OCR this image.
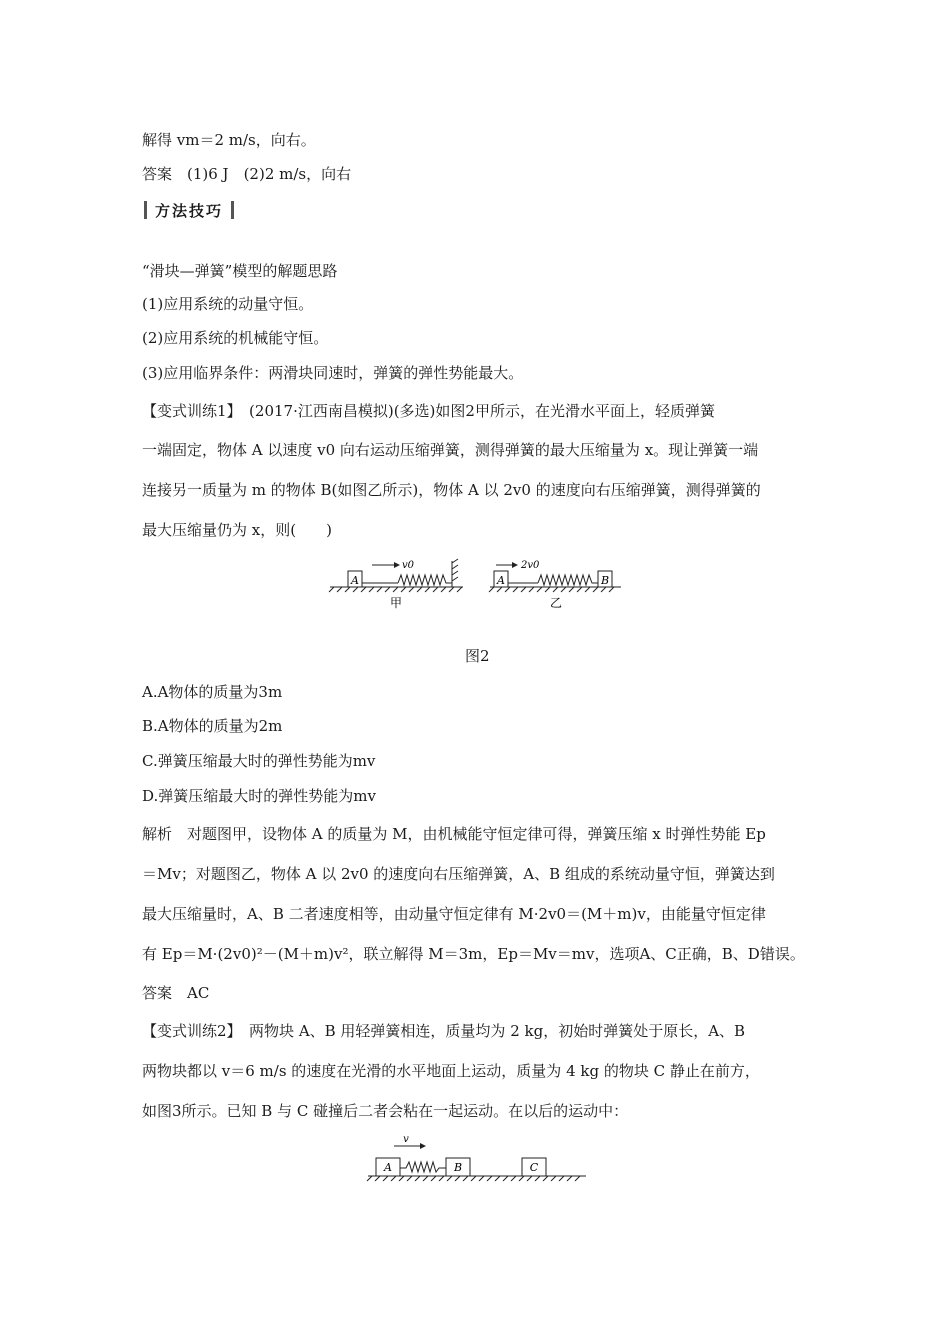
解得 vm＝2 m/s，向右。
答案　(1)6 J　(2)2 m/s，向右
方法技巧
“滑块—弹簧”模型的解题思路
(1)应用系统的动量守恒。
(2)应用系统的机械能守恒。
(3)应用临界条件：两滑块同速时，弹簧的弹性势能最大。
【变式训练1】　(2017·江西南昌模拟)(多选)如图2甲所示，在光滑水平面上，轻质弹簧
一端固定，物体 A 以速度 v0 向右运动压缩弹簧，测得弹簧的最大压缩量为 x。现让弹簧一端
连接另一质量为 m 的物体 B(如图乙所示)，物体 A 以 2v0 的速度向右压缩弹簧，测得弹簧的
最大压缩量仍为 x，则(　　)
A
v0
甲
A	B
2v0
乙
图2
A.A物体的质量为3m
B.A物体的质量为2m
C.弹簧压缩最大时的弹性势能为mv
D.弹簧压缩最大时的弹性势能为mv
解析　对题图甲，设物体 A 的质量为 M，由机械能守恒定律可得，弹簧压缩 x 时弹性势能 Ep
＝Mv；对题图乙，物体 A 以 2v0 的速度向右压缩弹簧，A、B 组成的系统动量守恒，弹簧达到
最大压缩量时，A、B 二者速度相等，由动量守恒定律有 M·2v0＝(M＋m)v，由能量守恒定律
有 Ep＝M·(2v0)²－(M＋m)v²，联立解得 M＝3m，Ep＝Mv＝mv，选项A、C正确，B、D错误。
答案　AC
【变式训练2】　两物块 A、B 用轻弹簧相连，质量均为 2 kg，初始时弹簧处于原长，A、B
两物块都以 v＝6 m/s 的速度在光滑的水平地面上运动，质量为 4 kg 的物块 C 静止在前方，
如图3所示。已知 B 与 C 碰撞后二者会粘在一起运动。在以后的运动中：
A	B	C
v
